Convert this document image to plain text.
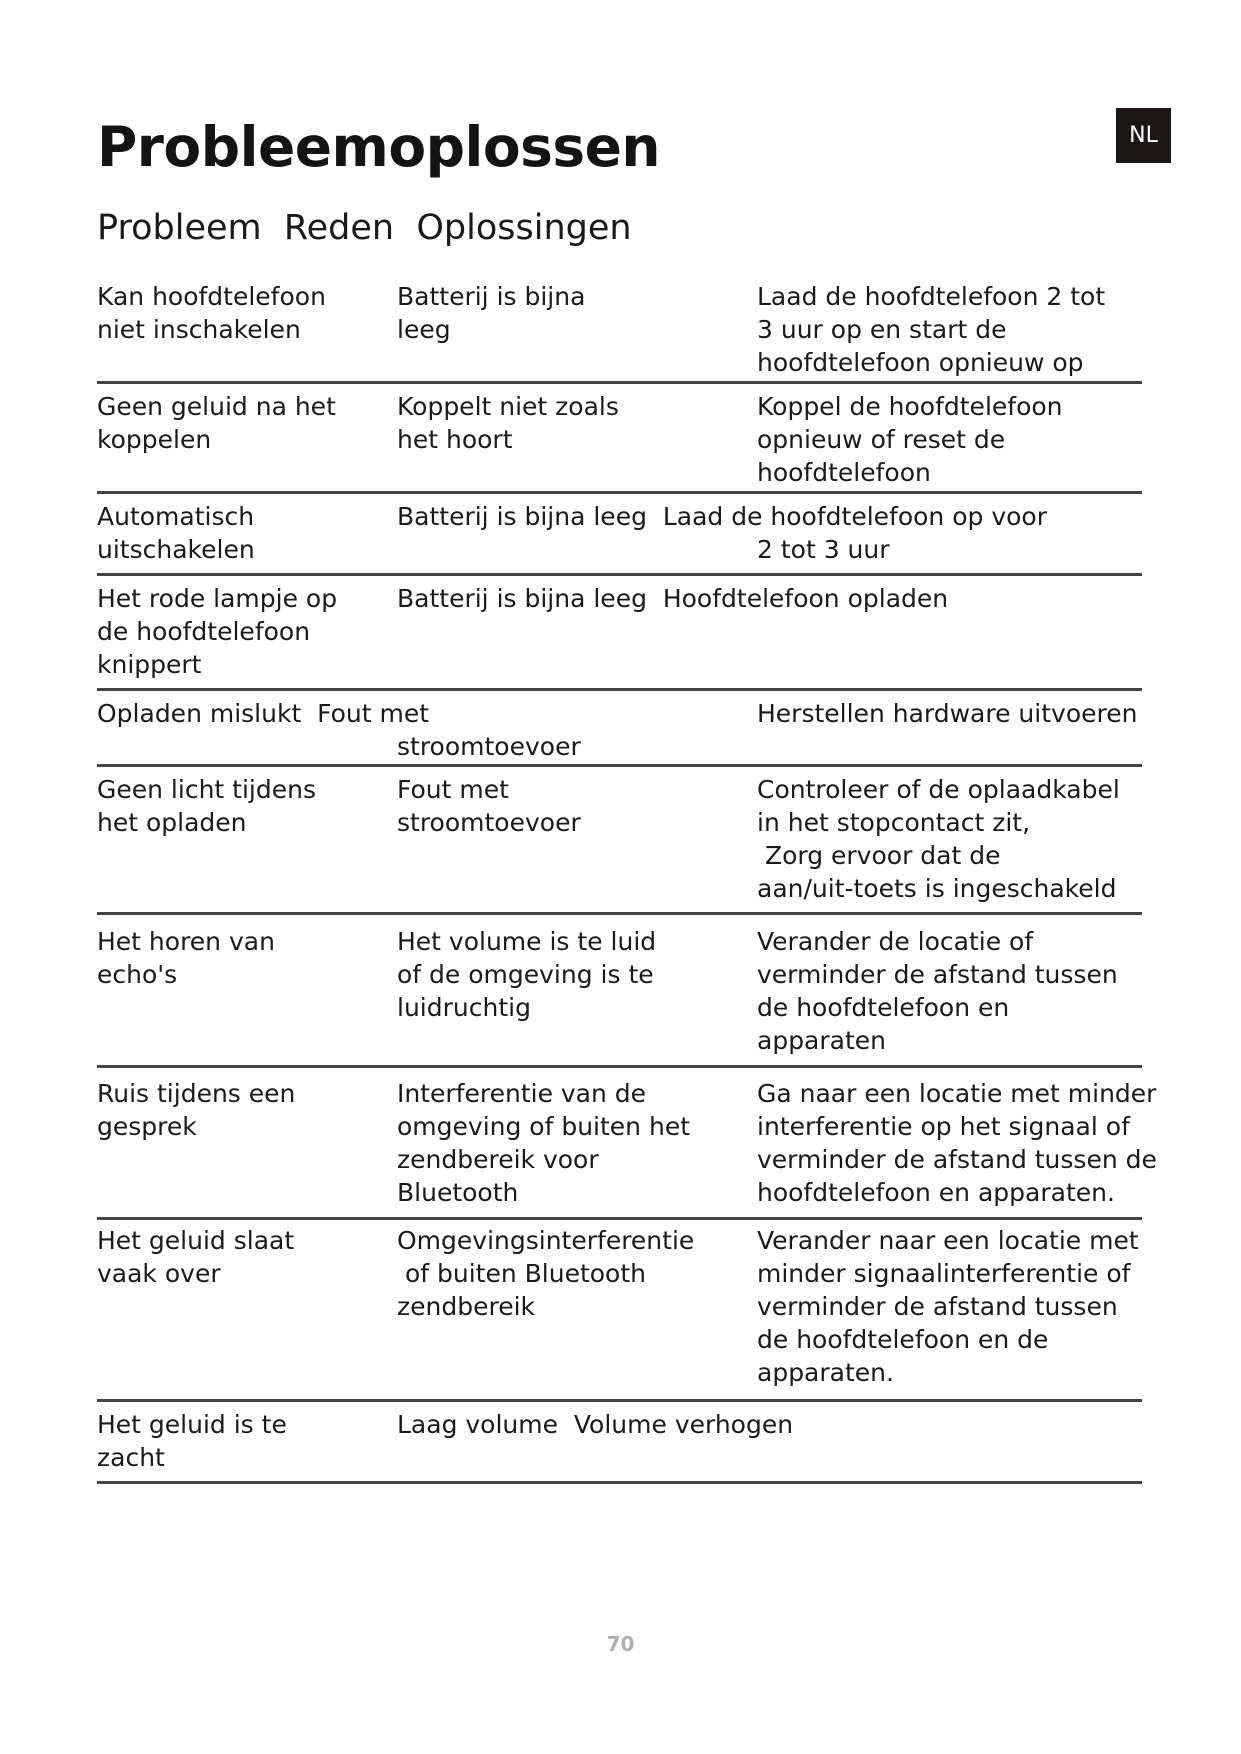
Probleemoplossen	NL
Probleem  Reden  Oplossingen
Kan hoofdtelefoon
niet inschakelen
Batterij is bijna
leeg
Laad de hoofdtelefoon 2 tot
3 uur op en start de
hoofdtelefoon opnieuw op
Geen geluid na het
koppelen
Koppelt niet zoals
het hoort
Koppel de hoofdtelefoon
opnieuw of reset de
hoofdtelefoon
Automatisch
uitschakelen
Batterij is bijna leeg  Laad de hoofdtelefoon op voor
2 tot 3 uur
Het rode lampje op
de hoofdtelefoon
knippert
Batterij is bijna leeg  Hoofdtelefoon opladen
Opladen mislukt  Fout met

stroomtoevoer
Herstellen hardware uitvoeren
Geen licht tijdens
het opladen
Fout met
stroomtoevoer
Controleer of de oplaadkabel
in het stopcontact zit,
Zorg ervoor dat de
aan/uit-toets is ingeschakeld
Het horen van
echo's
Het volume is te luid
of de omgeving is te
luidruchtig
Verander de locatie of
verminder de afstand tussen
de hoofdtelefoon en
apparaten
Ruis tijdens een
gesprek
Interferentie van de
omgeving of buiten het
zendbereik voor
Bluetooth
Ga naar een locatie met minder
interferentie op het signaal of
verminder de afstand tussen de
hoofdtelefoon en apparaten.
Het geluid slaat
vaak over
Omgevingsinterferentie
of buiten Bluetooth
zendbereik
Verander naar een locatie met
minder signaalinterferentie of
verminder de afstand tussen
de hoofdtelefoon en de
apparaten.
Het geluid is te
zacht
Laag volume  Volume verhogen
70
